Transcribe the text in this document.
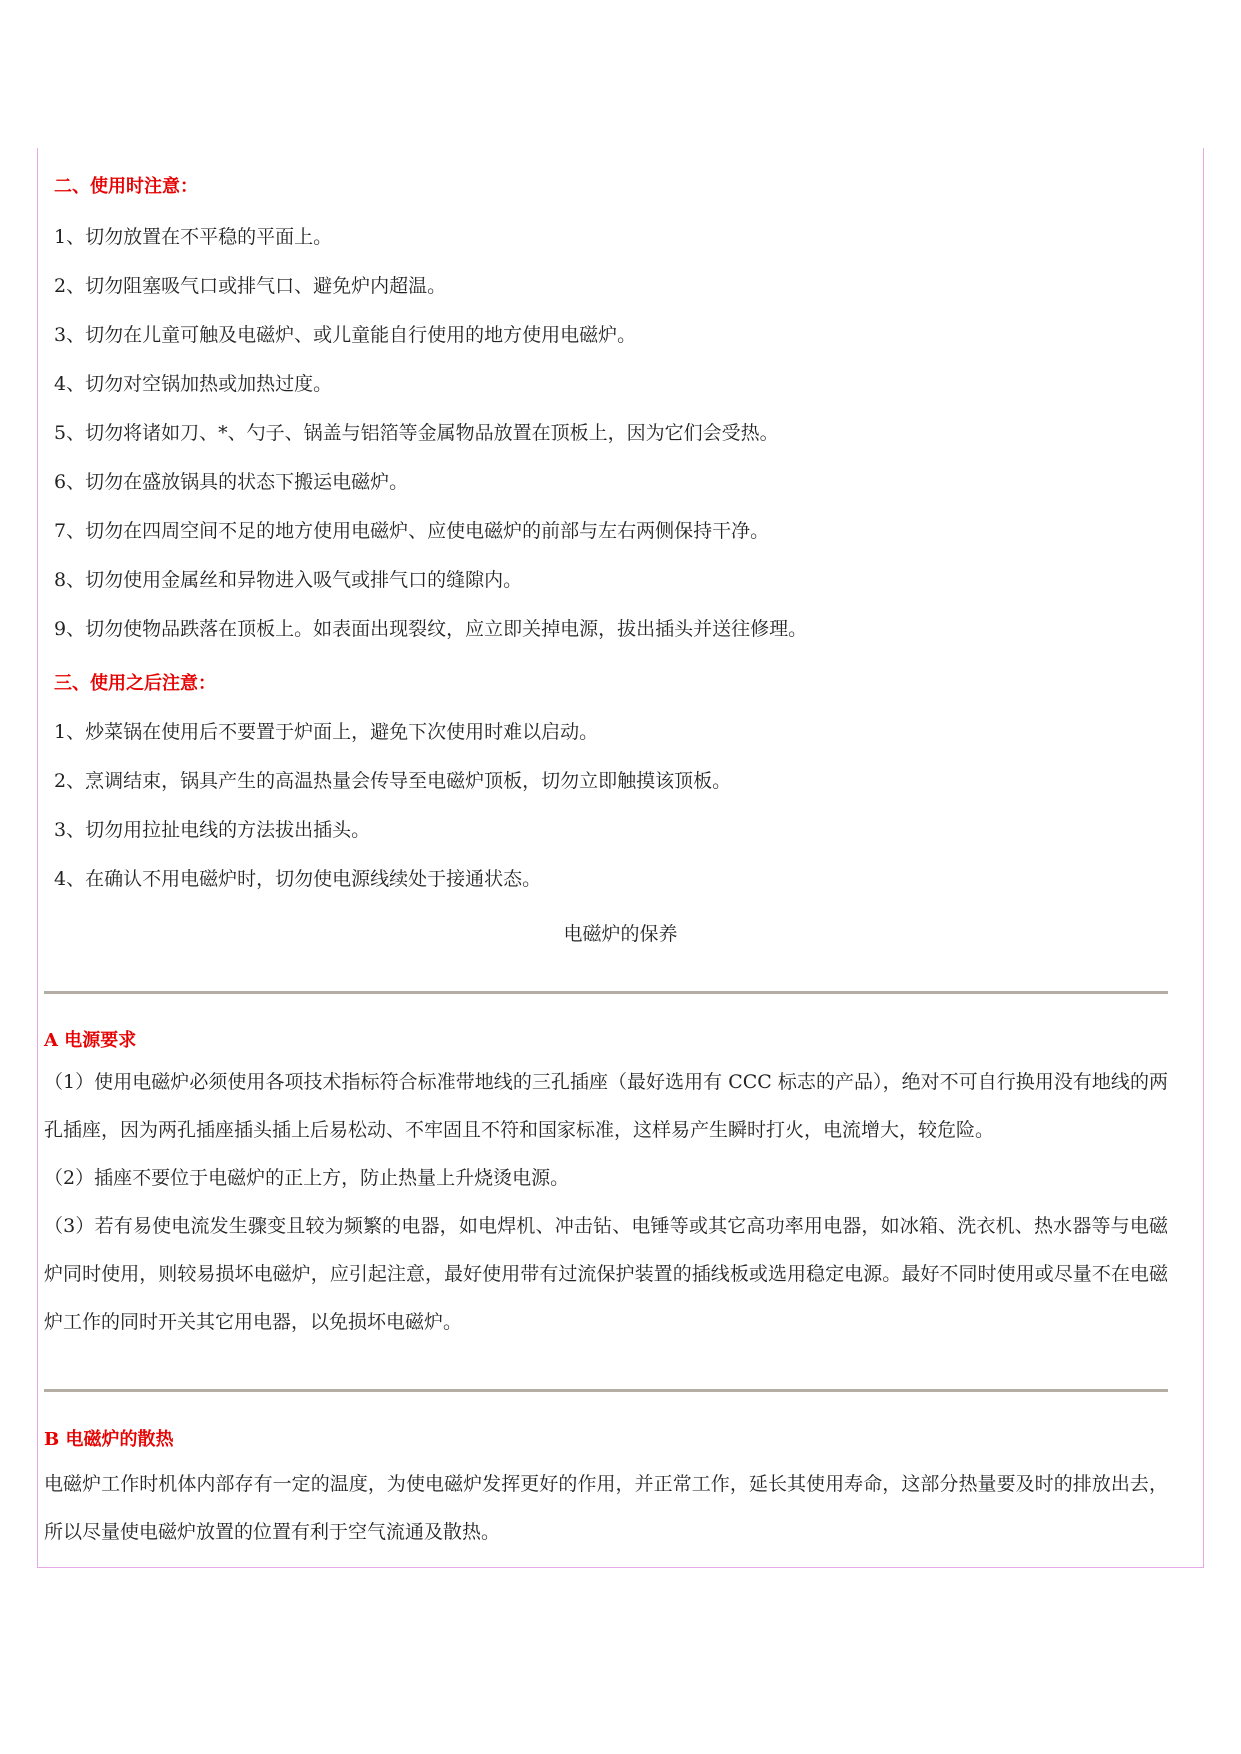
二、使用时注意：
1、切勿放置在不平稳的平面上。
2、切勿阻塞吸气口或排气口、避免炉内超温。
3、切勿在儿童可触及电磁炉、或儿童能自行使用的地方使用电磁炉。
4、切勿对空锅加热或加热过度。
5、切勿将诸如刀、*、勺子、锅盖与铝箔等金属物品放置在顶板上，因为它们会受热。
6、切勿在盛放锅具的状态下搬运电磁炉。
7、切勿在四周空间不足的地方使用电磁炉、应使电磁炉的前部与左右两侧保持干净。
8、切勿使用金属丝和异物进入吸气或排气口的缝隙内。
9、切勿使物品跌落在顶板上。如表面出现裂纹，应立即关掉电源，拔出插头并送往修理。
三、使用之后注意：
1、炒菜锅在使用后不要置于炉面上，避免下次使用时难以启动。
2、烹调结束，锅具产生的高温热量会传导至电磁炉顶板，切勿立即触摸该顶板。
3、切勿用拉扯电线的方法拔出插头。
4、在确认不用电磁炉时，切勿使电源线续处于接通状态。
电磁炉的保养
A 电源要求

（1）使用电磁炉必须使用各项技术指标符合标准带地线的三孔插座（最好选用有 CCC 标志的产品），绝对不可自行换用没有地线的两孔插座，因为两孔插座插头插上后易松动、不牢固且不符和国家标准，这样易产生瞬时打火，电流增大，较危险。

（2）插座不要位于电磁炉的正上方，防止热量上升烧烫电源。

（3）若有易使电流发生骤变且较为频繁的电器，如电焊机、冲击钻、电锤等或其它高功率用电器，如冰箱、洗衣机、热水器等与电磁炉同时使用，则较易损坏电磁炉，应引起注意，最好使用带有过流保护装置的插线板或选用稳定电源。最好不同时使用或尽量不在电磁炉工作的同时开关其它用电器，以免损坏电磁炉。

B 电磁炉的散热

电磁炉工作时机体内部存有一定的温度，为使电磁炉发挥更好的作用，并正常工作，延长其使用寿命，这部分热量要及时的排放出去，所以尽量使电磁炉放置的位置有利于空气流通及散热。
